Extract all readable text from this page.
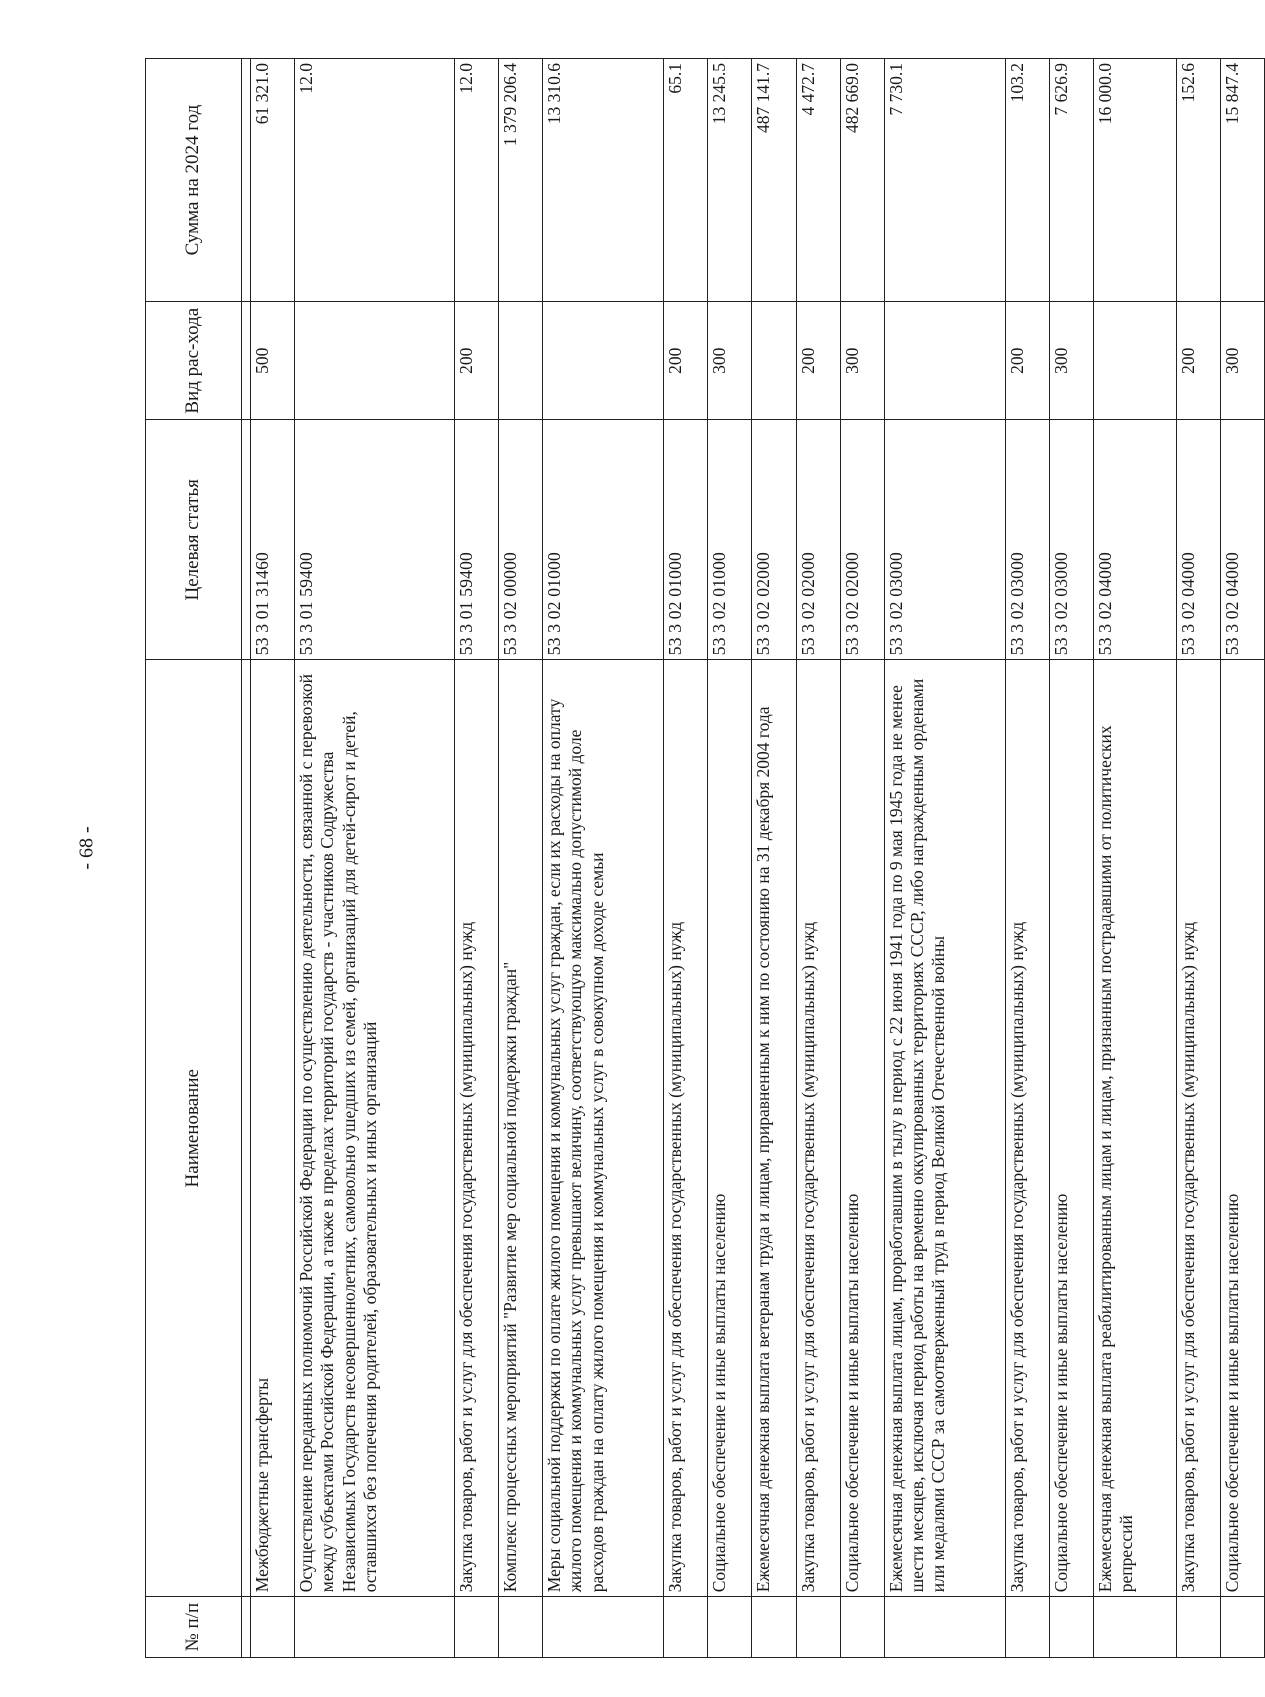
- 68 -
№ п/п	Наименование	Целевая статья	Вид рас-хода	Сумма на 2024 год

	Межбюджетные трансферты	53 3 01 31460	500	61 321.0
	Осуществление переданных полномочий Российской Федерации по осуществлению деятельности, связанной с перевозкой между субъектами Российской Федерации, а также в пределах территорий государств - участников Содружества Независимых Государств несовершеннолетних, самовольно ушедших из семей, организаций для детей-сирот и детей, оставшихся без попечения родителей, образовательных и иных организаций	53 3 01 59400		12.0
	Закупка товаров, работ и услуг для обеспечения государственных (муниципальных) нужд	53 3 01 59400	200	12.0
	Комплекс процессных мероприятий "Развитие мер социальной поддержки граждан"	53 3 02 00000		1 379 206.4
	Меры социальной поддержки по оплате жилого помещения и коммунальных услуг граждан, если их расходы на оплату жилого помещения и коммунальных услуг превышают величину, соответствующую максимально допустимой доле расходов граждан на оплату жилого помещения и коммунальных услуг в совокупном доходе семьи	53 3 02 01000		13 310.6
	Закупка товаров, работ и услуг для обеспечения государственных (муниципальных) нужд	53 3 02 01000	200	65.1
	Социальное обеспечение и иные выплаты населению	53 3 02 01000	300	13 245.5
	Ежемесячная денежная выплата ветеранам труда и лицам, приравненным к ним по состоянию на 31 декабря 2004 года	53 3 02 02000		487 141.7
	Закупка товаров, работ и услуг для обеспечения государственных (муниципальных) нужд	53 3 02 02000	200	4 472.7
	Социальное обеспечение и иные выплаты населению	53 3 02 02000	300	482 669.0
	Ежемесячная денежная выплата лицам, проработавшим в тылу в период с 22 июня 1941 года по 9 мая 1945 года не менее шести месяцев, исключая период работы на временно оккупированных территориях СССР, либо награжденным орденами или медалями СССР за самоотверженный труд в период Великой Отечественной войны	53 3 02 03000		7 730.1
	Закупка товаров, работ и услуг для обеспечения государственных (муниципальных) нужд	53 3 02 03000	200	103.2
	Социальное обеспечение и иные выплаты населению	53 3 02 03000	300	7 626.9
	Ежемесячная денежная выплата реабилитированным лицам и лицам, признанным пострадавшими от политических репрессий	53 3 02 04000		16 000.0
	Закупка товаров, работ и услуг для обеспечения государственных (муниципальных) нужд	53 3 02 04000	200	152.6
	Социальное обеспечение и иные выплаты населению	53 3 02 04000	300	15 847.4
